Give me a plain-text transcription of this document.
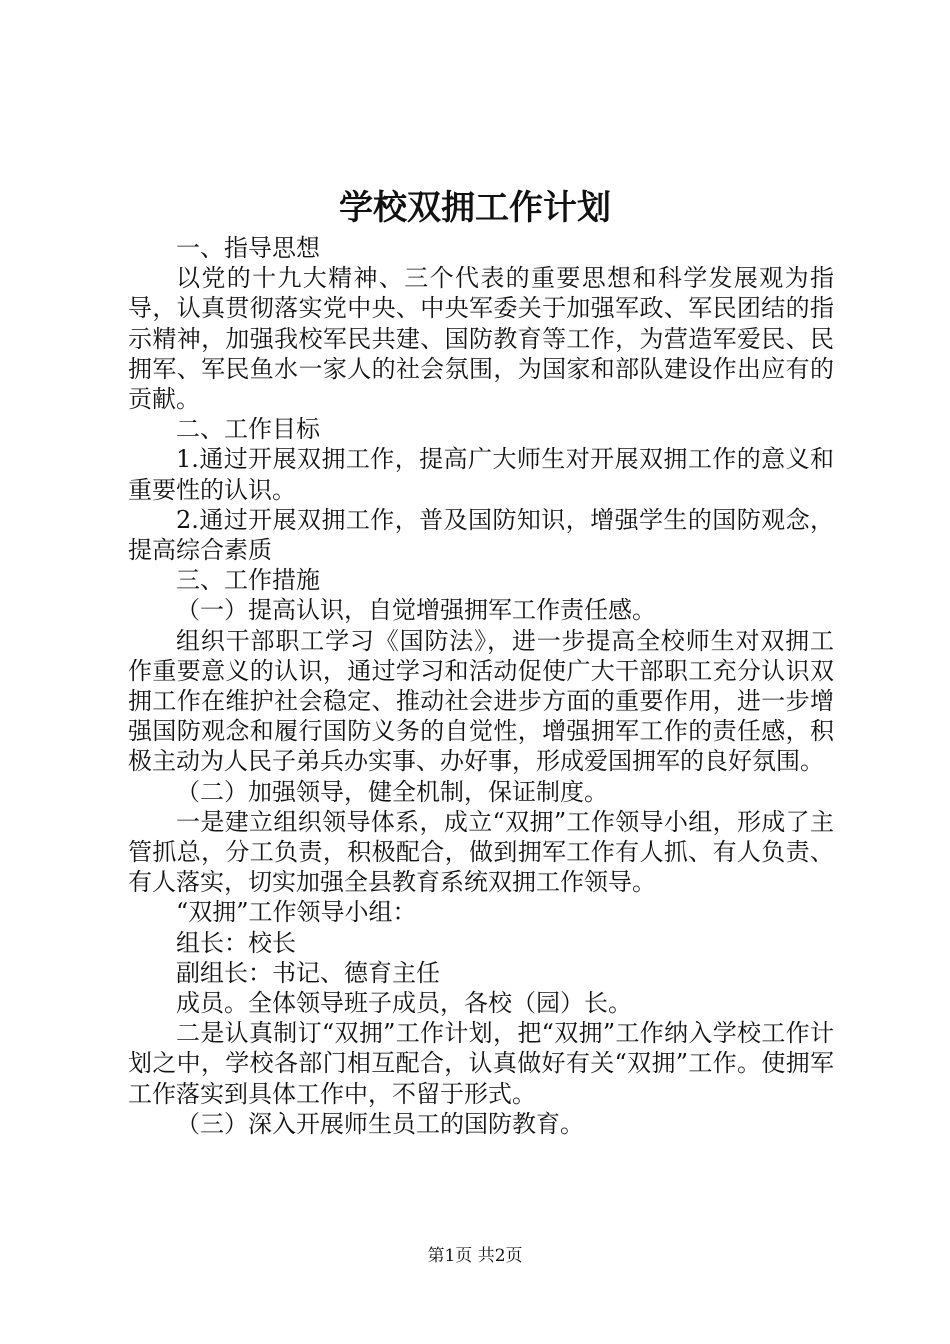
学校双拥工作计划

一、指导思想

以党的十九大精神、三个代表的重要思想和科学发展观为指导，认真贯彻落实党中央、中央军委关于加强军政、军民团结的指示精神，加强我校军民共建、国防教育等工作，为营造军爱民、民拥军、军民鱼水一家人的社会氛围，为国家和部队建设作出应有的贡献。

二、工作目标

1.通过开展双拥工作，提高广大师生对开展双拥工作的意义和重要性的认识。

2.通过开展双拥工作，普及国防知识，增强学生的国防观念，提高综合素质

三、工作措施

（一）提高认识，自觉增强拥军工作责任感。

组织干部职工学习《国防法》，进一步提高全校师生对双拥工作重要意义的认识，通过学习和活动促使广大干部职工充分认识双拥工作在维护社会稳定、推动社会进步方面的重要作用，进一步增强国防观念和履行国防义务的自觉性，增强拥军工作的责任感，积极主动为人民子弟兵办实事、办好事，形成爱国拥军的良好氛围。

（二）加强领导，健全机制，保证制度。

一是建立组织领导体系，成立“双拥”工作领导小组，形成了主管抓总，分工负责，积极配合，做到拥军工作有人抓、有人负责、有人落实，切实加强全县教育系统双拥工作领导。

“双拥”工作领导小组：

组长：校长

副组长：书记、德育主任

成员。全体领导班子成员，各校（园）长。

二是认真制订“双拥”工作计划，把“双拥”工作纳入学校工作计划之中，学校各部门相互配合，认真做好有关“双拥”工作。使拥军工作落实到具体工作中，不留于形式。

（三）深入开展师生员工的国防教育。

第1页 共2页
